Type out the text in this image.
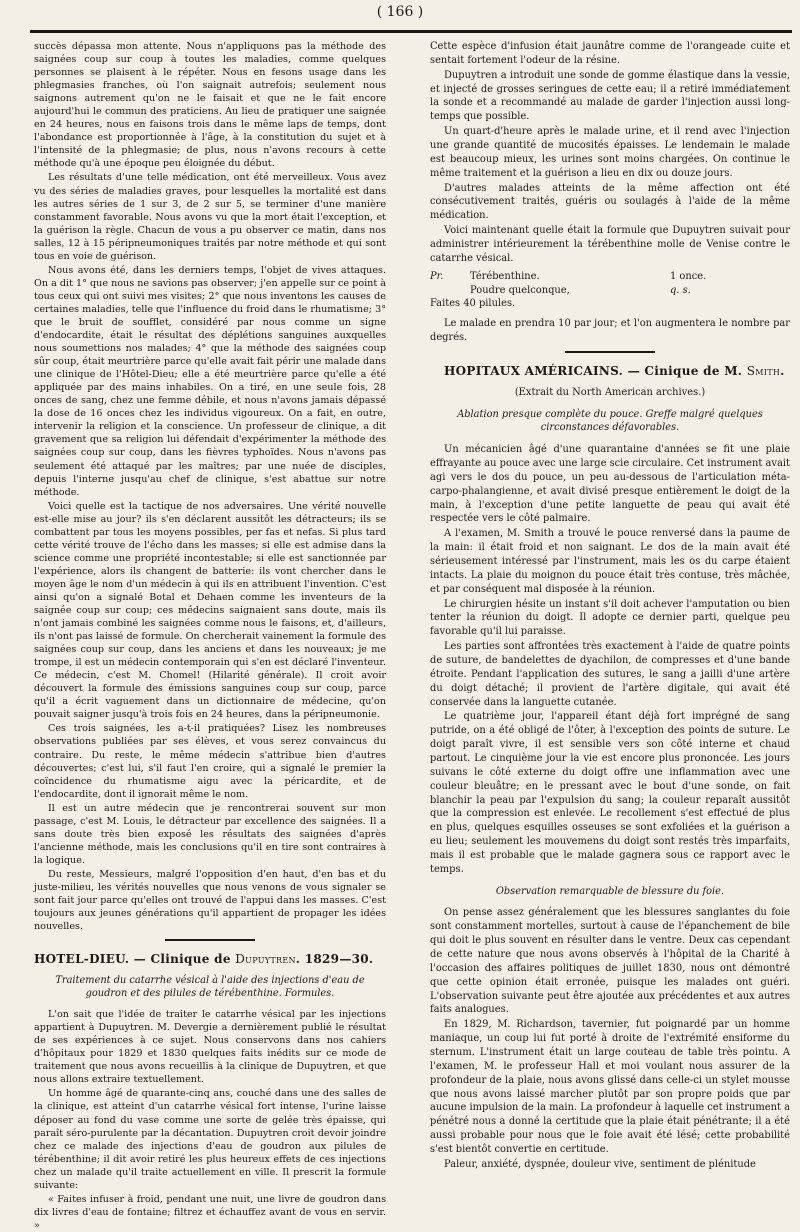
( 166 )

succès dépassa mon attente. Nous n'appliquons pas la méthode des saignées coup sur coup à toutes les maladies, comme quelques personnes se plaisent à le répéter. Nous en fesons usage dans les phlegmasies franches, où l'on saignait autrefois; seulement nous saignons autrement qu'on ne le faisait et que ne le fait encore aujourd'hui le commun des praticiens. Au lieu de pratiquer une saignée en 24 heures, nous en faisons trois dans le même laps de temps, dont l'abondance est proportionnée à l'âge, à la constitution du sujet et à l'intensité de la phlegmasie; de plus, nous n'avons recours à cette méthode qu'à une époque peu éloignée du début.

Les résultats d'une telle médication, ont été merveilleux. Vous avez vu des séries de maladies graves, pour lesquelles la mortalité est dans les autres séries de 1 sur 3, de 2 sur 5, se terminer d'une manière constamment favorable. Nous avons vu que la mort était l'exception, et la guérison la règle. Chacun de vous a pu observer ce matin, dans nos salles, 12 à 15 péripneumoniques traités par notre méthode et qui sont tous en voie de guérison.

Nous avons été, dans les derniers temps, l'objet de vives attaques. On a dit 1° que nous ne savions pas observer; j'en appelle sur ce point à tous ceux qui ont suivi mes visites; 2° que nous inventons les causes de certaines maladies, telle que l'influence du froid dans le rhumatisme; 3° que le bruit de soufflet, considéré par nous comme un signe d'endocardite, était le résultat des déplétions sanguines auxquelles nous soumettions nos malades; 4° que la méthode des saignées coup sûr coup, était meurtrière parce qu'elle avait fait périr une malade dans une clinique de l'Hôtel-Dieu; elle a été meurtrière parce qu'elle a été appliquée par des mains inhabiles. On a tiré, en une seule fois, 28 onces de sang, chez une femme débile, et nous n'avons jamais dépassé la dose de 16 onces chez les individus vigoureux. On a fait, en outre, intervenir la religion et la conscience. Un professeur de clinique, a dit gravement que sa religion lui défendait d'expérimenter la méthode des saignées coup sur coup, dans les fièvres typhoïdes. Nous n'avons pas seulement été attaqué par les maîtres; par une nuée de disciples, depuis l'interne jusqu'au chef de clinique, s'est abattue sur notre méthode.

Voici quelle est la tactique de nos adversaires. Une vérité nouvelle est-elle mise au jour? ils s'en déclarent aussitôt les détracteurs; ils se combattent par tous les moyens possibles, per fas et nefas. Si plus tard cette vérité trouve de l'écho dans les masses; si elle est admise dans la science comme une propriété incontestable; si elle est sanctionnée par l'expérience, alors ils changent de batterie: ils vont chercher dans le moyen âge le nom d'un médecin à qui ils en attribuent l'invention. C'est ainsi qu'on a signalé Botal et Dehaen comme les inventeurs de la saignée coup sur coup; ces médecins saignaient sans doute, mais ils n'ont jamais combiné les saignées comme nous le faisons, et, d'ailleurs, ils n'ont pas laissé de formule. On chercherait vainement la formule des saignées coup sur coup, dans les anciens et dans les nouveaux; je me trompe, il est un médecin contemporain qui s'en est déclaré l'inventeur. Ce médecin, c'est M. Chomel! (Hilarité générale). Il croit avoir découvert la formule des émissions sanguines coup sur coup, parce qu'il a écrit vaguement dans un dictionnaire de médecine, qu'on pouvait saigner jusqu'à trois fois en 24 heures, dans la péripneumonie.

Ces trois saignées, les a-t-il pratiquées? Lisez les nombreuses observations publiées par ses élèves, et vous serez convaincus du contraire. Du reste, le même médecin s'attribue bien d'autres découvertes; c'est lui, s'il faut l'en croire, qui a signalé le premier la coïncidence du rhumatisme aigu avec la péricardite, et de l'endocardite, dont il ignorait même le nom.

Il est un autre médecin que je rencontrerai souvent sur mon passage, c'est M. Louis, le détracteur par excellence des saignées. Il a sans doute très bien exposé les résultats des saignées d'après l'ancienne méthode, mais les conclusions qu'il en tire sont contraires à la logique.

Du reste, Messieurs, malgré l'opposition d'en haut, d'en bas et du juste-milieu, les vérités nouvelles que nous venons de vous signaler se sont fait jour parce qu'elles ont trouvé de l'appui dans les masses. C'est toujours aux jeunes générations qu'il appartient de propager les idées nouvelles.

HOTEL-DIEU. — Clinique de Dupuytren. 1829—30.
Traitement du catarrhe vésical à l'aide des injections d'eau de goudron et des pilules de térébenthine. Formules.

L'on sait que l'idée de traiter le catarrhe vésical par les injections appartient à Dupuytren. M. Devergie a dernièrement publié le résultat de ses expériences à ce sujet. Nous conservons dans nos cahiers d'hôpitaux pour 1829 et 1830 quelques faits inédits sur ce mode de traitement que nous avons recueillis à la clinique de Dupuytren, et que nous allons extraire textuellement.

Un homme âgé de quarante-cinq ans, couché dans une des salles de la clinique, est atteint d'un catarrhe vésical fort intense, l'urine laisse déposer au fond du vase comme une sorte de gelée très épaisse, qui paraît séro-purulente par la décantation. Dupuytren croit devoir joindre chez ce malade des injections d'eau de goudron aux pilules de térébenthine; il dit avoir retiré les plus heureux effets de ces injections chez un malade qu'il traite actuellement en ville. Il prescrit la formule suivante:

« Faites infuser à froid, pendant une nuit, une livre de goudron dans dix livres d'eau de fontaine; filtrez et échauffez avant de vous en servir. »

Cette espèce d'infusion était jaunâtre comme de l'orangeade cuite et sentait fortement l'odeur de la résine.

Dupuytren a introduit une sonde de gomme élastique dans la vessie, et injecté de grosses seringues de cette eau; il a retiré immédiatement la sonde et a recommandé au malade de garder l'injection aussi long-temps que possible.

Un quart-d'heure après le malade urine, et il rend avec l'injection une grande quantité de mucosités épaisses. Le lendemain le malade est beaucoup mieux, les urines sont moins chargées. On continue le même traitement et la guérison a lieu en dix ou douze jours.

D'autres malades atteints de la même affection ont été consécutivement traités, guéris ou soulagés à l'aide de la même médication.

Voici maintenant quelle était la formule que Dupuytren suivait pour administrer intérieurement la térébenthine molle de Venise contre le catarrhe vésical.

Pr.	Térébenthine.	1 once.
Poudre quelconque,	q. s.
Faites 40 pilules.

Le malade en prendra 10 par jour; et l'on augmentera le nombre par degrés.

HOPITAUX AMÉRICAINS. — Cinique de M. Smith.
(Extrait du North American archives.)
Ablation presque complète du pouce. Greffe malgré quelques circonstances défavorables.

Un mécanicien âgé d'une quarantaine d'années se fit une plaie effrayante au pouce avec une large scie circulaire. Cet instrument avait agi vers le dos du pouce, un peu au-dessous de l'articulation méta-carpo-phalangienne, et avait divisé presque entièrement le doigt de la main, à l'exception d'une petite languette de peau qui avait été respectée vers le côté palmaire.

A l'examen, M. Smith a trouvé le pouce renversé dans la paume de la main: il était froid et non saignant. Le dos de la main avait été sérieusement intéressé par l'instrument, mais les os du carpe étaient intacts. La plaie du moignon du pouce était très contuse, très mâchée, et par conséquent mal disposée à la réunion.

Le chirurgien hésite un instant s'il doit achever l'amputation ou bien tenter la réunion du doigt. Il adopte ce dernier parti, quelque peu favorable qu'il lui paraisse.

Les parties sont affrontées très exactement à l'aide de quatre points de suture, de bandelettes de dyachilon, de compresses et d'une bande étroite. Pendant l'application des sutures, le sang a jailli d'une artère du doigt détaché; il provient de l'artère digitale, qui avait été conservée dans la languette cutanée.

Le quatrième jour, l'appareil étant déjà fort imprégné de sang putride, on a été obligé de l'ôter, à l'exception des points de suture. Le doigt paraît vivre, il est sensible vers son côté interne et chaud partout. Le cinquième jour la vie est encore plus prononcée. Les jours suivans le côté externe du doigt offre une inflammation avec une couleur bleuâtre; en le pressant avec le bout d'une sonde, on fait blanchir la peau par l'expulsion du sang; la couleur reparaît aussitôt que la compression est enlevée. Le recollement s'est effectué de plus en plus, quelques esquilles osseuses se sont exfoliées et la guérison a eu lieu; seulement les mouvemens du doigt sont restés très imparfaits, mais il est probable que le malade gagnera sous ce rapport avec le temps.

Observation remarquable de blessure du foie.

On pense assez généralement que les blessures sanglantes du foie sont constamment mortelles, surtout à cause de l'épanchement de bile qui doit le plus souvent en résulter dans le ventre. Deux cas cependant de cette nature que nous avons observés à l'hôpital de la Charité à l'occasion des affaires politiques de juillet 1830, nous ont démontré que cette opinion était erronée, puisque les malades ont guéri. L'observation suivante peut être ajoutée aux précédentes et aux autres faits analogues.

En 1829, M. Richardson, tavernier, fut poignardé par un homme maniaque, un coup lui fut porté à droite de l'extrémité ensiforme du sternum. L'instrument était un large couteau de table très pointu. A l'examen, M. le professeur Hall et moi voulant nous assurer de la profondeur de la plaie, nous avons glissé dans celle-ci un stylet mousse que nous avons laissé marcher plutôt par son propre poids que par aucune impulsion de la main. La profondeur à laquelle cet instrument a pénétré nous a donné la certitude que la plaie était pénétrante; il a été aussi probable pour nous que le foie avait été lésé; cette probabilité s'est bientôt convertie en certitude.

Paleur, anxiété, dyspnée, douleur vive, sentiment de plénitude
